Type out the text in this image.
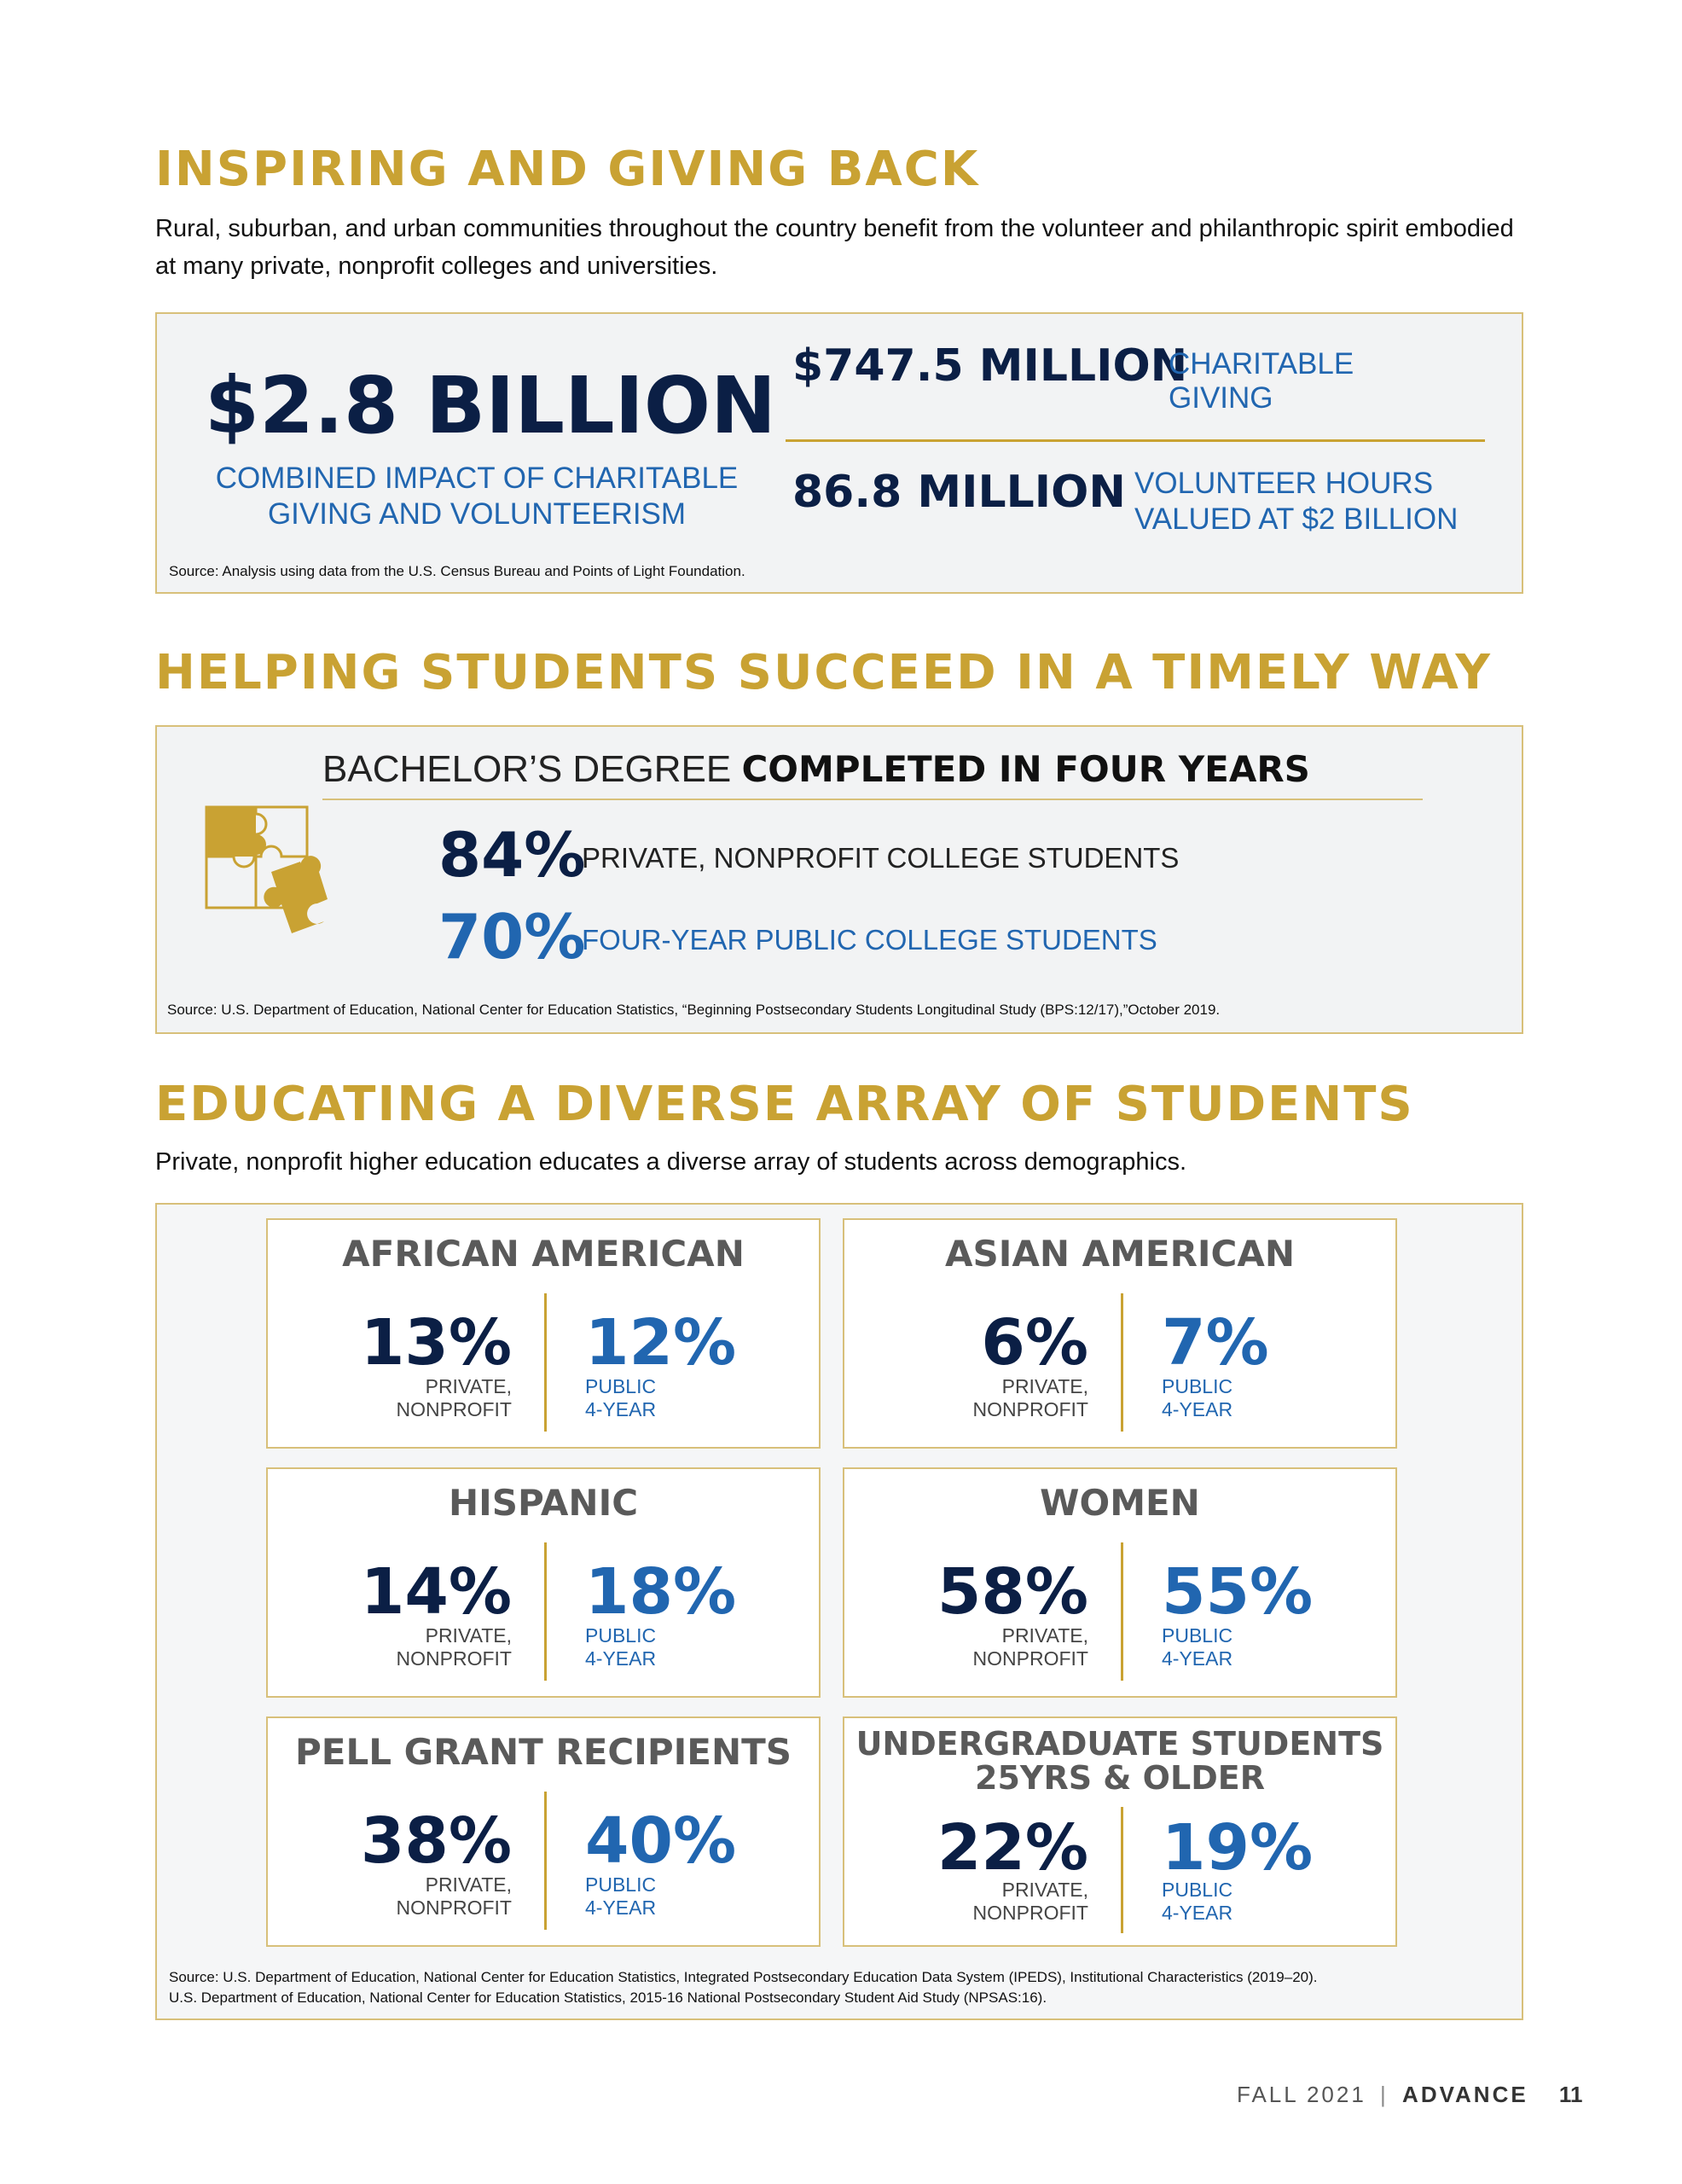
INSPIRING AND GIVING BACK
Rural, suburban, and urban communities throughout the country benefit from the volunteer and philanthropic spirit embodied at many private, nonprofit colleges and universities.
$2.8 BILLION
COMBINED IMPACT OF CHARITABLE
GIVING AND VOLUNTEERISM
$747.5 MILLION
CHARITABLE
GIVING
86.8 MILLION VOLUNTEER HOURS
VALUED AT $2 BILLION
Source: Analysis using data from the U.S. Census Bureau and Points of Light Foundation.
HELPING STUDENTS SUCCEED IN A TIMELY WAY
BACHELOR’S DEGREE COMPLETED IN FOUR YEARS
84%
PRIVATE, NONPROFIT COLLEGE STUDENTS
70%
FOUR-YEAR PUBLIC COLLEGE STUDENTS
Source: U.S. Department of Education, National Center for Education Statistics, “Beginning Postsecondary Students Longitudinal Study (BPS:12/17),”October 2019.
EDUCATING A DIVERSE ARRAY OF STUDENTS
Private, nonprofit higher education educates a diverse array of students across demographics.
AFRICAN AMERICAN
13% 12%
PRIVATE,
NONPROFIT
PUBLIC
4-YEAR
ASIAN AMERICAN
6% 7%
PRIVATE,
NONPROFIT
PUBLIC
4-YEAR
HISPANIC
14% 18%
PRIVATE,
NONPROFIT
PUBLIC
4-YEAR
WOMEN
58% 55%
PRIVATE,
NONPROFIT
PUBLIC
4-YEAR
PELL GRANT RECIPIENTS
38% 40%
PRIVATE,
NONPROFIT
PUBLIC
4-YEAR
UNDERGRADUATE STUDENTS
25YRS & OLDER
22% 19%
PRIVATE,
NONPROFIT
PUBLIC
4-YEAR
Source: U.S. Department of Education, National Center for Education Statistics, Integrated Postsecondary Education Data System (IPEDS), Institutional Characteristics (2019–20).
U.S. Department of Education, National Center for Education Statistics, 2015-16 National Postsecondary Student Aid Study (NPSAS:16).
FALL 2021 | ADVANCE 11
